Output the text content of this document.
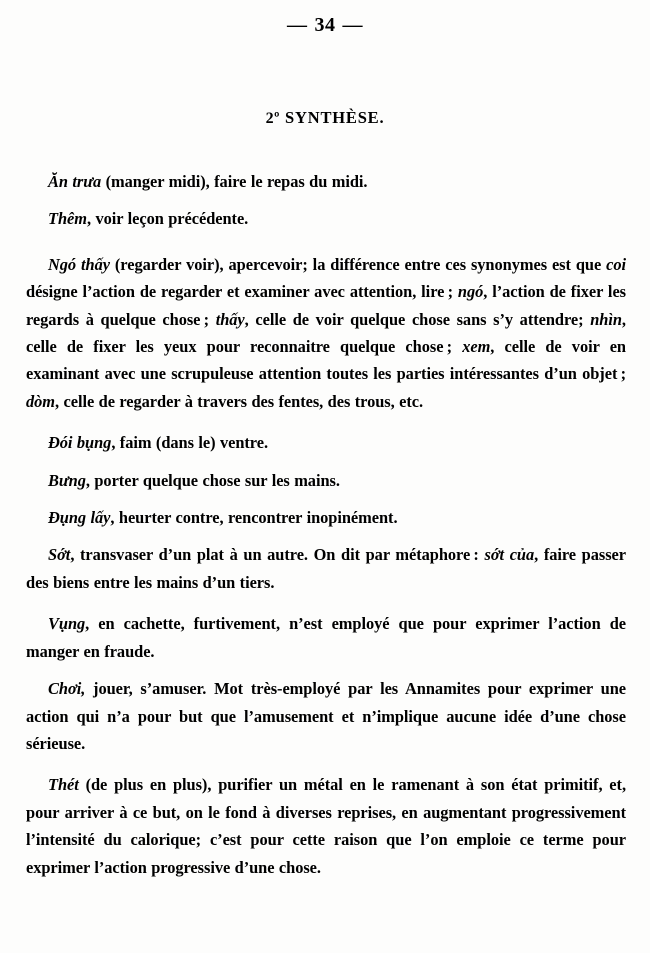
— 34 —
2º SYNTHÈSE.

Ăn trưa (manger midi), faire le repas du midi.

Thêm, voir leçon précédente.

Ngó thấy (regarder voir), apercevoir; la différence entre ces synonymes est que coi désigne l’action de regarder et examiner avec attention, lire ; ngó, l’action de fixer les regards à quelque chose ; thấy, celle de voir quelque chose sans s’y attendre; nhìn, celle de fixer les yeux pour reconnaitre quelque chose ; xem, celle de voir en examinant avec une scrupuleuse attention toutes les parties intéressantes d’un objet ; dòm, celle de regarder à travers des fentes, des trous, etc.

Đói bụng, faim (dans le) ventre.

Bưng, porter quelque chose sur les mains.

Đụng lấy, heurter contre, rencontrer inopinément.

Sớt, transvaser d’un plat à un autre. On dit par métaphore : sớt của, faire passer des biens entre les mains d’un tiers.

Vụng, en cachette, furtivement, n’est employé que pour exprimer l’action de manger en fraude.

Chơi, jouer, s’amuser. Mot très-employé par les Annamites pour exprimer une action qui n’a pour but que l’amusement et n’implique aucune idée d’une chose sérieuse.

Thét (de plus en plus), purifier un métal en le ramenant à son état primitif, et, pour arriver à ce but, on le fond à diverses reprises, en augmentant progressivement l’intensité du calorique; c’est pour cette raison que l’on emploie ce terme pour exprimer l’action progressive d’une chose.
